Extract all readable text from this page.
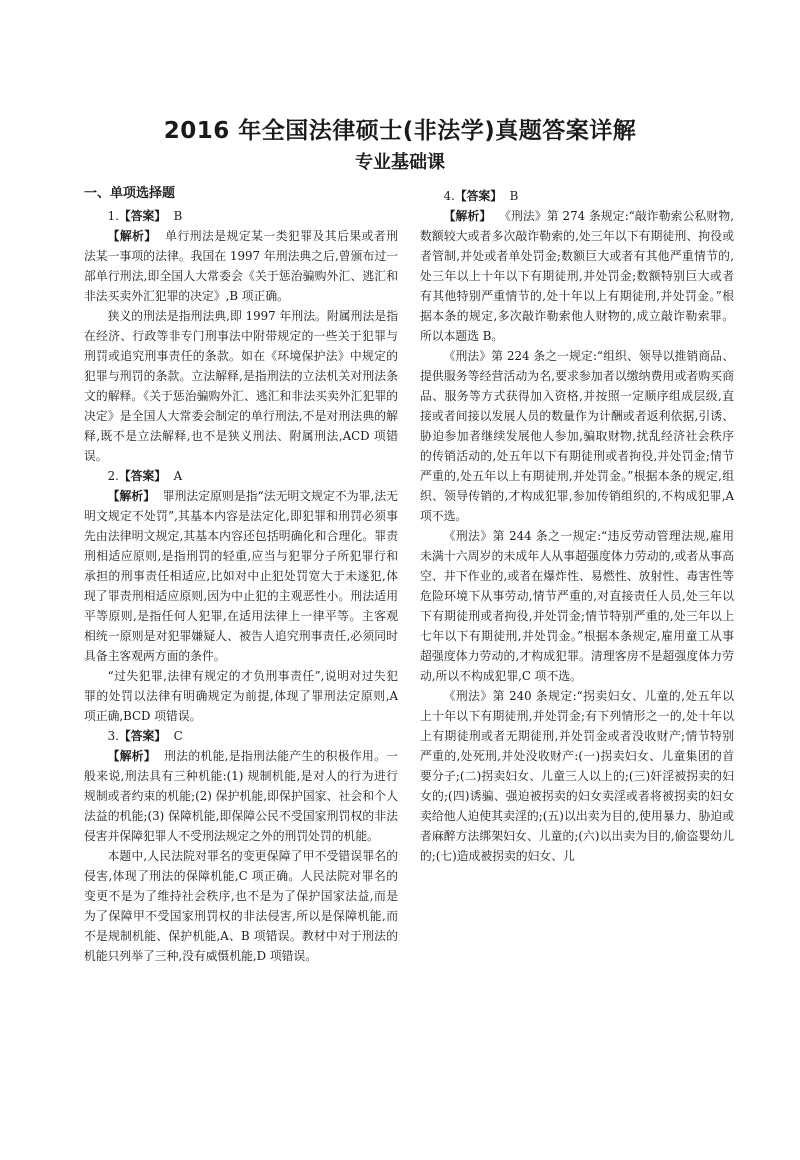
2016 年全国法律硕士(非法学)真题答案详解
专业基础课

一、单项选择题

1.【答案】 B

【解析】 单行刑法是规定某一类犯罪及其后果或者刑法某一事项的法律。我国在 1997 年刑法典之后,曾颁布过一部单行刑法,即全国人大常委会《关于惩治骗购外汇、逃汇和非法买卖外汇犯罪的决定》,B 项正确。

狭义的刑法是指刑法典,即 1997 年刑法。附属刑法是指在经济、行政等非专门刑事法中附带规定的一些关于犯罪与刑罚或追究刑事责任的条款。如在《环境保护法》中规定的犯罪与刑罚的条款。立法解释,是指刑法的立法机关对刑法条文的解释。《关于惩治骗购外汇、逃汇和非法买卖外汇犯罪的决定》是全国人大常委会制定的单行刑法,不是对刑法典的解释,既不是立法解释,也不是狭义刑法、附属刑法,ACD 项错误。

2.【答案】 A

【解析】 罪刑法定原则是指“法无明文规定不为罪,法无明文规定不处罚”,其基本内容是法定化,即犯罪和刑罚必须事先由法律明文规定,其基本内容还包括明确化和合理化。罪责刑相适应原则,是指刑罚的轻重,应当与犯罪分子所犯罪行和承担的刑事责任相适应,比如对中止犯处罚宽大于未遂犯,体现了罪责刑相适应原则,因为中止犯的主观恶性小。刑法适用平等原则,是指任何人犯罪,在适用法律上一律平等。主客观相统一原则是对犯罪嫌疑人、被告人追究刑事责任,必须同时具备主客观两方面的条件。

“过失犯罪,法律有规定的才负刑事责任”,说明对过失犯罪的处罚以法律有明确规定为前提,体现了罪刑法定原则,A 项正确,BCD 项错误。

3.【答案】 C

【解析】 刑法的机能,是指刑法能产生的积极作用。一般来说,刑法具有三种机能:(1) 规制机能,是对人的行为进行规制或者约束的机能;(2) 保护机能,即保护国家、社会和个人法益的机能;(3) 保障机能,即保障公民不受国家刑罚权的非法侵害并保障犯罪人不受刑法规定之外的刑罚处罚的机能。

本题中,人民法院对罪名的变更保障了甲不受错误罪名的侵害,体现了刑法的保障机能,C 项正确。人民法院对罪名的变更不是为了维持社会秩序,也不是为了保护国家法益,而是为了保障甲不受国家刑罚权的非法侵害,所以是保障机能,而不是规制机能、保护机能,A、B 项错误。教材中对于刑法的机能只列举了三种,没有威慑机能,D 项错误。

4.【答案】 B

【解析】 《刑法》第 274 条规定:“敲诈勒索公私财物,数额较大或者多次敲诈勒索的,处三年以下有期徒刑、拘役或者管制,并处或者单处罚金;数额巨大或者有其他严重情节的,处三年以上十年以下有期徒刑,并处罚金;数额特别巨大或者有其他特别严重情节的,处十年以上有期徒刑,并处罚金。”根据本条的规定,多次敲诈勒索他人财物的,成立敲诈勒索罪。所以本题选 B。

《刑法》第 224 条之一规定:“组织、领导以推销商品、提供服务等经营活动为名,要求参加者以缴纳费用或者购买商品、服务等方式获得加入资格,并按照一定顺序组成层级,直接或者间接以发展人员的数量作为计酬或者返利依据,引诱、胁迫参加者继续发展他人参加,骗取财物,扰乱经济社会秩序的传销活动的,处五年以下有期徒刑或者拘役,并处罚金;情节严重的,处五年以上有期徒刑,并处罚金。”根据本条的规定,组织、领导传销的,才构成犯罪,参加传销组织的,不构成犯罪,A 项不选。

《刑法》第 244 条之一规定:“违反劳动管理法规,雇用未满十六周岁的未成年人从事超强度体力劳动的,或者从事高空、井下作业的,或者在爆炸性、易燃性、放射性、毒害性等危险环境下从事劳动,情节严重的,对直接责任人员,处三年以下有期徒刑或者拘役,并处罚金;情节特别严重的,处三年以上七年以下有期徒刑,并处罚金。”根据本条规定,雇用童工从事超强度体力劳动的,才构成犯罪。清理客房不是超强度体力劳动,所以不构成犯罪,C 项不选。

《刑法》第 240 条规定:“拐卖妇女、儿童的,处五年以上十年以下有期徒刑,并处罚金;有下列情形之一的,处十年以上有期徒刑或者无期徒刑,并处罚金或者没收财产;情节特别严重的,处死刑,并处没收财产:(一)拐卖妇女、儿童集团的首要分子;(二)拐卖妇女、儿童三人以上的;(三)奸淫被拐卖的妇女的;(四)诱骗、强迫被拐卖的妇女卖淫或者将被拐卖的妇女卖给他人迫使其卖淫的;(五)以出卖为目的,使用暴力、胁迫或者麻醉方法绑架妇女、儿童的;(六)以出卖为目的,偷盗婴幼儿的;(七)造成被拐卖的妇女、儿
